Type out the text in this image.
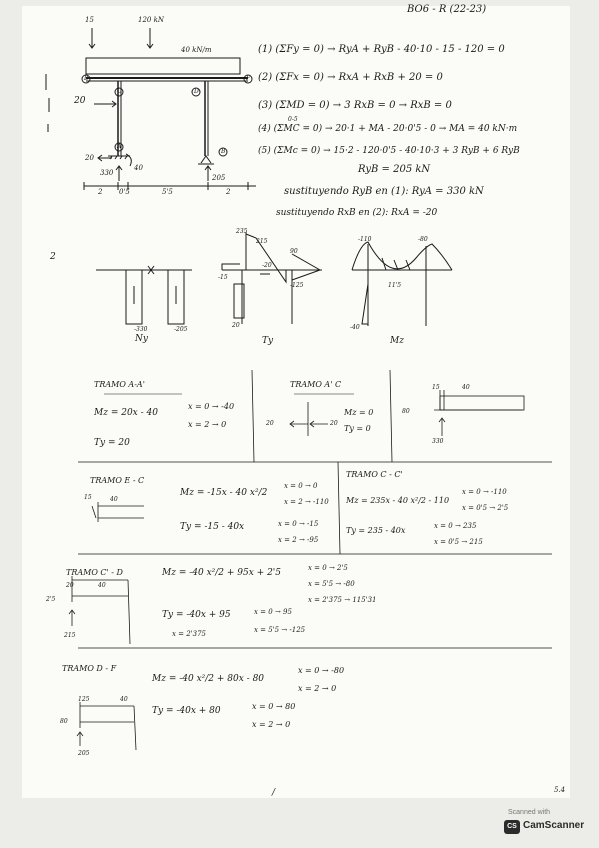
BO6 - R (22-23)
15	120 kN
40 kN/m
20
20
B	F
C	D
A
B
40
330
205
2 0'5	5'5	2
(1) (ΣFy = 0) → RyA + RyB - 40·10 - 15 - 120 = 0
(2) (ΣFx = 0) → RxA + RxB + 20 = 0
(3) (ΣMD = 0) → 3 RxB = 0 → RxB = 0
0-5
(4) (ΣMC = 0) → 20·1 + MA - 20·0'5 - 0 → MA = 40 kN·m
(5) (ΣMc = 0) → 15·2 - 120·0'5 - 40·10·3 + 3 RyB + 6 RyB
RyB = 205 kN
sustituyendo RyB en (1): RyA = 330 kN
sustituyendo RxB en (2): RxA = -20
2
Ny	Ty	Mz
-330	-205
235
215
-15
-125
20
90
-20
-110	-80
-40
11'5
TRAMO A-A'
Mz = 20x - 40
x = 0 → -40
x = 2 → 0
Ty = 20
TRAMO A' C
Mz = 0
Ty = 0
20	20
15	40
80
330
TRAMO E - C
Mz = -15x - 40 x²/2
x = 0 → 0
x = 2 → -110
Ty = -15 - 40x	x = 0 → -15
x = 2 → -95
15	40
TRAMO C - C'
Mz = 235x - 40 x²/2 - 110
x = 0 → -110
x = 0'5 → 2'5
Ty = 235 - 40x	x = 0 → 235
x = 0'5 → 215
TRAMO C' - D	Mz = -40 x²/2 + 95x + 2'5	x = 0 → 2'5
x = 5'5 → -80
x = 2'375 → 115'31
Ty = -40x + 95	x = 0 → 95
x = 5'5 → -125
x = 2'375
20	40
2'5
215
TRAMO D - F
Mz = -40 x²/2 + 80x - 80
x = 0 → -80
x = 2 → 0
Ty = -40x + 80	x = 0 → 80
x = 2 → 0
125	40
80
205
5.4
/
Scanned with
CS CamScanner
